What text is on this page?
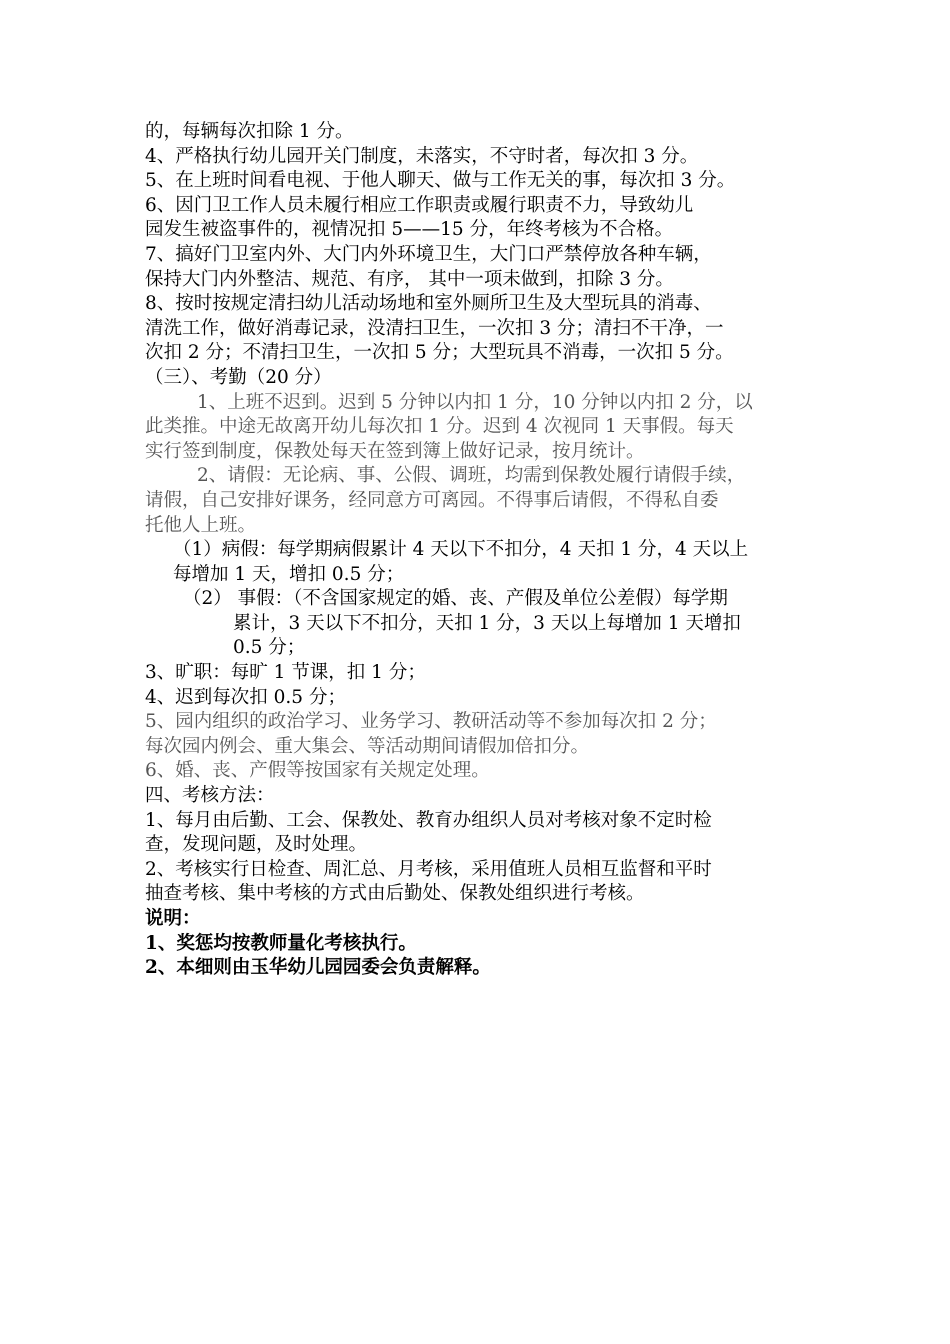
的，每辆每次扣除 1 分。
4、严格执行幼儿园开关门制度，未落实，不守时者，每次扣 3 分。
5、在上班时间看电视、于他人聊天、做与工作无关的事，每次扣 3 分。
6、因门卫工作人员未履行相应工作职责或履行职责不力，导致幼儿
园发生被盗事件的，视情况扣 5——15 分，年终考核为不合格。
7、搞好门卫室内外、大门内外环境卫生，大门口严禁停放各种车辆，
保持大门内外整洁、规范、有序， 其中一项未做到，扣除 3 分。
8、按时按规定清扫幼儿活动场地和室外厕所卫生及大型玩具的消毒、
清洗工作，做好消毒记录，没清扫卫生，一次扣 3 分；清扫不干净，一
次扣 2 分；不清扫卫生，一次扣 5 分；大型玩具不消毒，一次扣 5 分。
（三）、考勤（20 分）
1、上班不迟到。迟到 5 分钟以内扣 1 分，10 分钟以内扣 2 分，以
此类推。中途无故离开幼儿每次扣 1 分。迟到 4 次视同 1 天事假。每天
实行签到制度，保教处每天在签到簿上做好记录，按月统计。
2、请假：无论病、事、公假、调班，均需到保教处履行请假手续，
请假，自己安排好课务，经同意方可离园。不得事后请假，不得私自委
托他人上班。
（1）病假：每学期病假累计 4 天以下不扣分，4 天扣 1 分，4 天以上
每增加 1 天，增扣 0.5 分；
（2） 事假：（不含国家规定的婚、丧、产假及单位公差假）每学期
累计，3 天以下不扣分，天扣 1 分，3 天以上每增加 1 天增扣
0.5 分；
3、旷职：每旷 1 节课，扣 1 分；
4、迟到每次扣 0.5 分；
5、园内组织的政治学习、业务学习、教研活动等不参加每次扣 2 分；
每次园内例会、重大集会、等活动期间请假加倍扣分。
6、婚、丧、产假等按国家有关规定处理。
四、考核方法：
1、每月由后勤、工会、保教处、教育办组织人员对考核对象不定时检
查，发现问题，及时处理。
2、考核实行日检查、周汇总、月考核，采用值班人员相互监督和平时
抽查考核、集中考核的方式由后勤处、保教处组织进行考核。
说明：
1、奖惩均按教师量化考核执行。
2、本细则由玉华幼儿园园委会负责解释。
